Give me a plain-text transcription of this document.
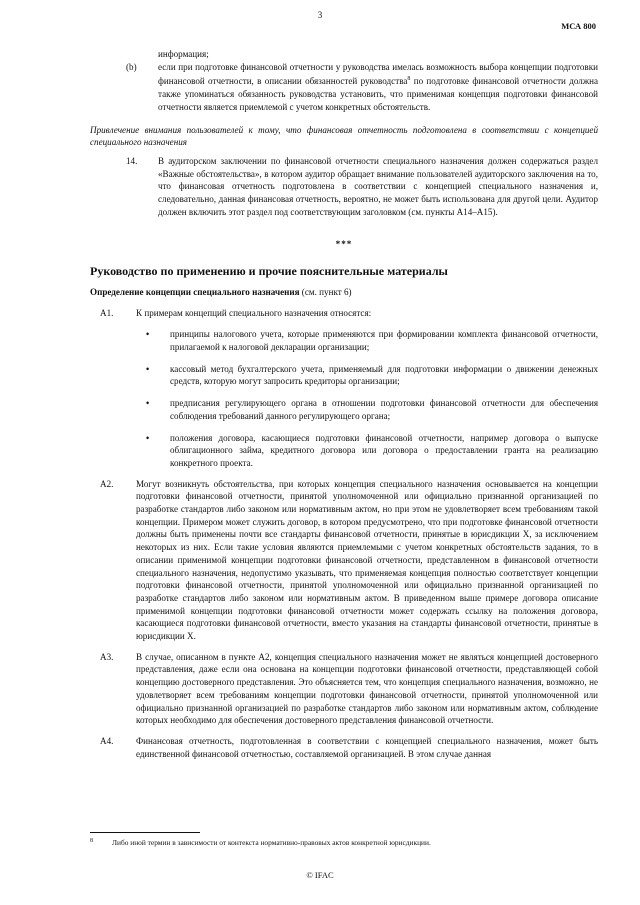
3
МСА 800
информация;
(b)	если при подготовке финансовой отчетности у руководства имелась возможность выбора концепции подготовки финансовой отчетности, в описании обязанностей руководства$^8$ по подготовке финансовой отчетности должна также упоминаться обязанность руководства установить, что применимая концепция подготовки финансовой отчетности является приемлемой с учетом конкретных обстоятельств.
Привлечение внимания пользователей к тому, что финансовая отчетность подготовлена в соответствии с концепцией специального назначения
14.	В аудиторском заключении по финансовой отчетности специального назначения должен содержаться раздел «Важные обстоятельства», в котором аудитор обращает внимание пользователей аудиторского заключения на то, что финансовая отчетность подготовлена в соответствии с концепцией специального назначения и, следовательно, данная финансовая отчетность, вероятно, не может быть использована для другой цели. Аудитор должен включить этот раздел под соответствующим заголовком (см. пункты A14–A15).
***
Руководство по применению и прочие пояснительные материалы
Определение концепции специального назначения (см. пункт 6)
A1.	К примерам концепций специального назначения относятся:
•	принципы налогового учета, которые применяются при формировании комплекта финансовой отчетности, прилагаемой к налоговой декларации организации;
•	кассовый метод бухгалтерского учета, применяемый для подготовки информации о движении денежных средств, которую могут запросить кредиторы организации;
•	предписания регулирующего органа в отношении подготовки финансовой отчетности для обеспечения соблюдения требований данного регулирующего органа;
•	положения договора, касающиеся подготовки финансовой отчетности, например договора о выпуске облигационного займа, кредитного договора или договора о предоставлении гранта на реализацию конкретного проекта.
A2.	Могут возникнуть обстоятельства, при которых концепция специального назначения основывается на концепции подготовки финансовой отчетности, принятой уполномоченной или официально признанной организацией по разработке стандартов либо законом или нормативным актом, но при этом не удовлетворяет всем требованиям такой концепции. Примером может служить договор, в котором предусмотрено, что при подготовке финансовой отчетности должны быть применены почти все стандарты финансовой отчетности, принятые в юрисдикции X, за исключением некоторых из них. Если такие условия являются приемлемыми с учетом конкретных обстоятельств задания, то в описании применимой концепции подготовки финансовой отчетности, представленном в финансовой отчетности специального назначения, недопустимо указывать, что применяемая концепция полностью соответствует концепции подготовки финансовой отчетности, принятой уполномоченной или официально признанной организацией по разработке стандартов либо законом или нормативным актом. В приведенном выше примере договора описание применимой концепции подготовки финансовой отчетности может содержать ссылку на положения договора, касающиеся подготовки финансовой отчетности, вместо указания на стандарты финансовой отчетности, принятые в юрисдикции X.
A3.	В случае, описанном в пункте A2, концепция специального назначения может не являться концепцией достоверного представления, даже если она основана на концепции подготовки финансовой отчетности, представляющей собой концепцию достоверного представления. Это объясняется тем, что концепция специального назначения, возможно, не удовлетворяет всем требованиям концепции подготовки финансовой отчетности, принятой уполномоченной или официально признанной организацией по разработке стандартов либо законом или нормативным актом, соблюдение которых необходимо для обеспечения достоверного представления финансовой отчетности.
A4.	Финансовая отчетность, подготовленная в соответствии с концепцией специального назначения, может быть единственной финансовой отчетностью, составляемой организацией. В этом случае данная
$^8$	Либо иной термин в зависимости от контекста нормативно-правовых актов конкретной юрисдикции.
© IFAC
